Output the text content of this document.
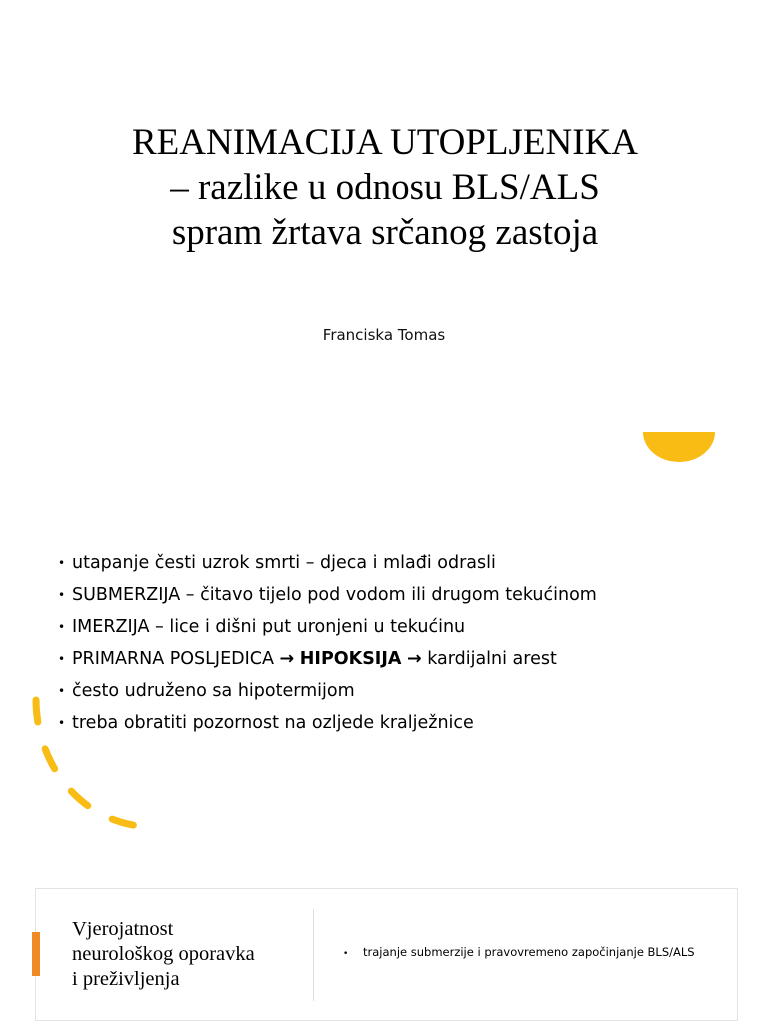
REANIMACIJA UTOPLJENIKA
– razlike u odnosu BLS/ALS
spram žrtava srčanog zastoja
Franciska Tomas
• utapanje česti uzrok smrti – djeca i mlađi odrasli
• SUBMERZIJA – čitavo tijelo pod vodom ili drugom tekućinom
• IMERZIJA – lice i dišni put uronjeni u tekućinu
• PRIMARNA POSLJEDICA → HIPOKSIJA → kardijalni arest
• često udruženo sa hipotermijom
• treba obratiti pozornost na ozljede kralježnice
Vjerojatnost
neurološkog oporavka
i preživljenja
• trajanje submerzije i pravovremeno započinjanje BLS/ALS
